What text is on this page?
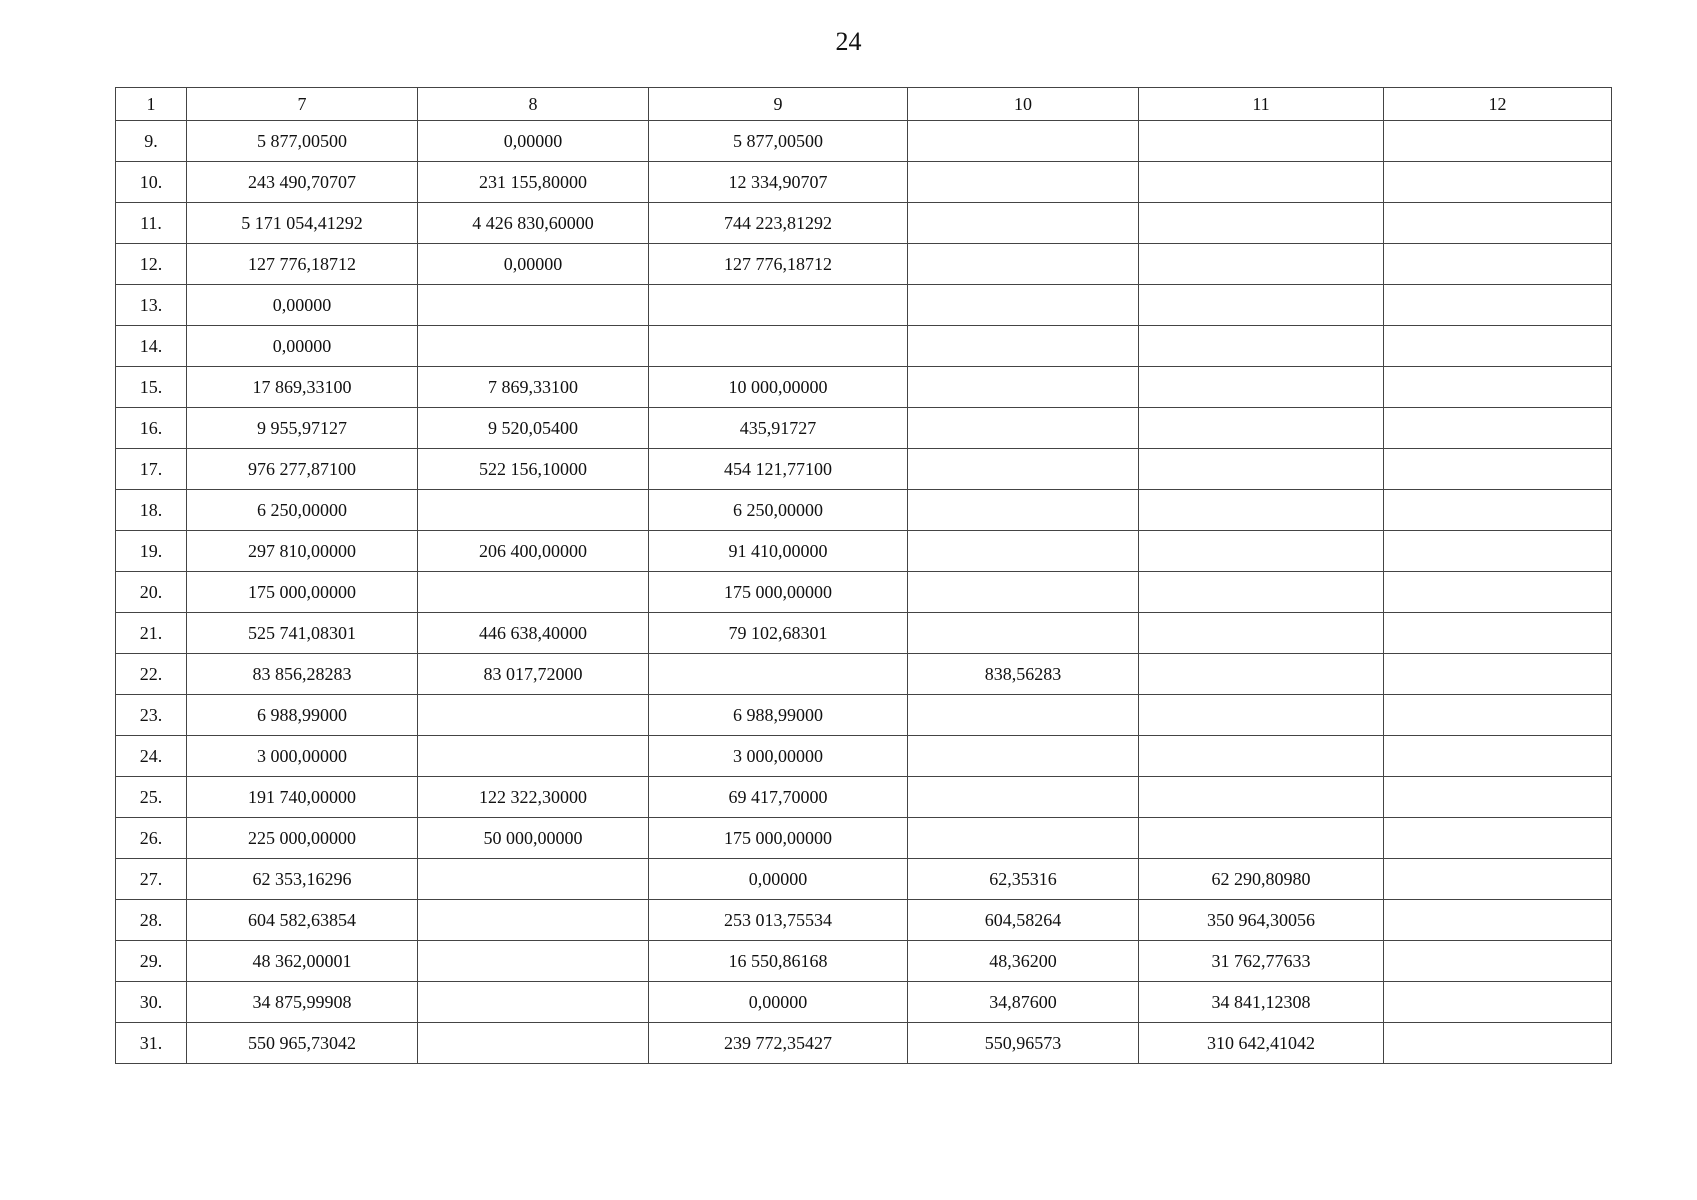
24
1	7	8	9	10	11	12
9.	5 877,00500	0,00000	5 877,00500			
10.	243 490,70707	231 155,80000	12 334,90707			
11.	5 171 054,41292	4 426 830,60000	744 223,81292			
12.	127 776,18712	0,00000	127 776,18712			
13.	0,00000					
14.	0,00000					
15.	17 869,33100	7 869,33100	10 000,00000			
16.	9 955,97127	9 520,05400	435,91727			
17.	976 277,87100	522 156,10000	454 121,77100			
18.	6 250,00000		6 250,00000			
19.	297 810,00000	206 400,00000	91 410,00000			
20.	175 000,00000		175 000,00000			
21.	525 741,08301	446 638,40000	79 102,68301			
22.	83 856,28283	83 017,72000		838,56283		
23.	6 988,99000		6 988,99000			
24.	3 000,00000		3 000,00000			
25.	191 740,00000	122 322,30000	69 417,70000			
26.	225 000,00000	50 000,00000	175 000,00000			
27.	62 353,16296		0,00000	62,35316	62 290,80980	
28.	604 582,63854		253 013,75534	604,58264	350 964,30056	
29.	48 362,00001		16 550,86168	48,36200	31 762,77633	
30.	34 875,99908		0,00000	34,87600	34 841,12308	
31.	550 965,73042		239 772,35427	550,96573	310 642,41042	
